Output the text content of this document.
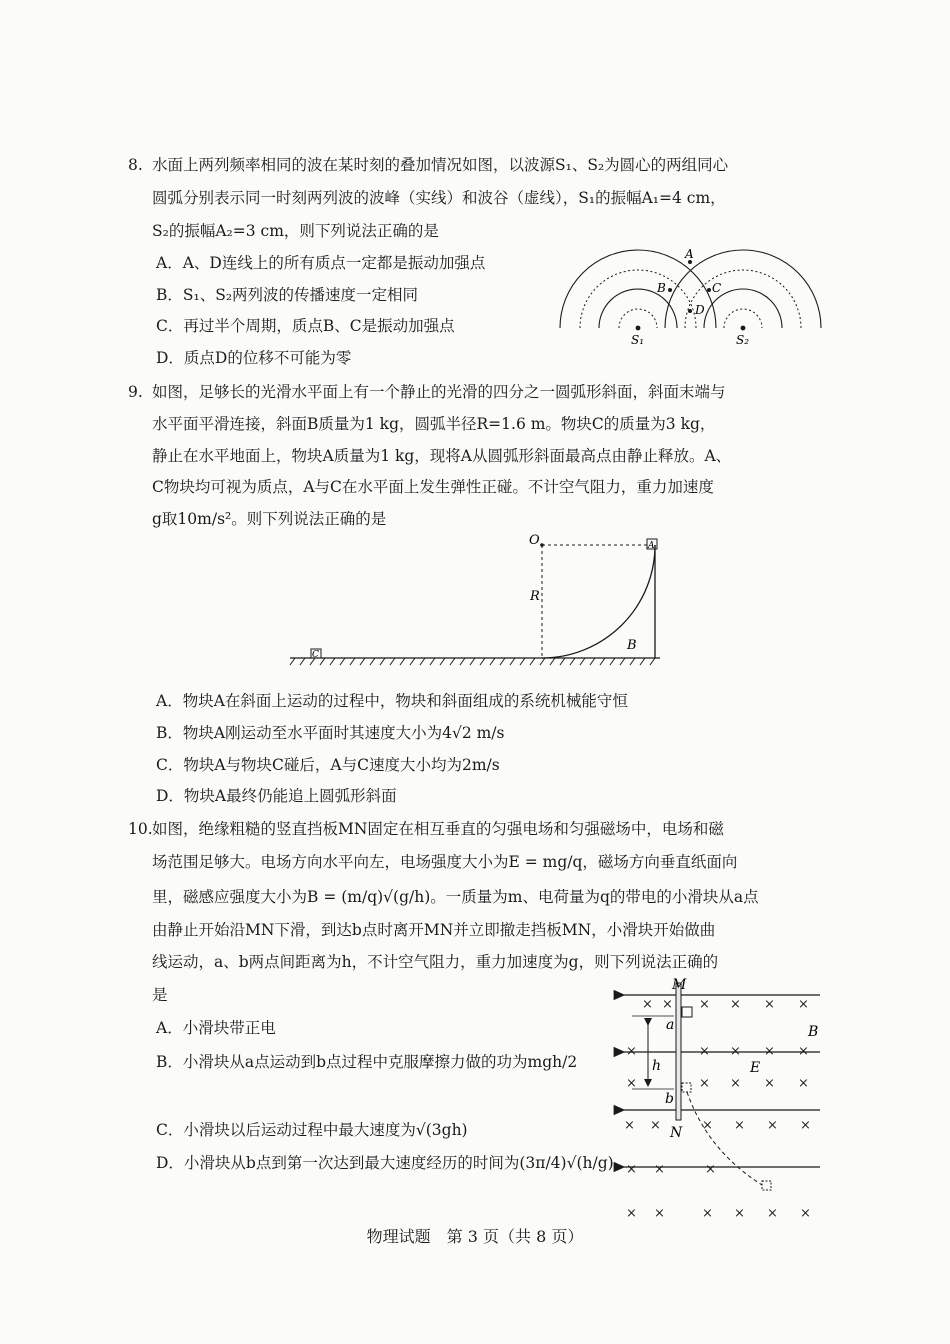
8. 水面上两列频率相同的波在某时刻的叠加情况如图，以波源S₁、S₂为圆心的两组同心
圆弧分别表示同一时刻两列波的波峰（实线）和波谷（虚线），S₁的振幅A₁=4 cm，
S₂的振幅A₂=3 cm，则下列说法正确的是
A．A、D连线上的所有质点一定都是振动加强点
B．S₁、S₂两列波的传播速度一定相同
C．再过半个周期，质点B、C是振动加强点
D．质点D的位移不可能为零
A
B	C
D
S₁	S₂
9. 如图，足够长的光滑水平面上有一个静止的光滑的四分之一圆弧形斜面，斜面末端与
水平面平滑连接，斜面B质量为1 kg，圆弧半径R=1.6 m。物块C的质量为3 kg，
静止在水平地面上，物块A质量为1 kg，现将A从圆弧形斜面最高点由静止释放。A、
C物块均可视为质点，A与C在水平面上发生弹性正碰。不计空气阻力，重力加速度
g取10m/s²。则下列说法正确的是
C
O
R
B
A
A．物块A在斜面上运动的过程中，物块和斜面组成的系统机械能守恒
B．物块A刚运动至水平面时其速度大小为4√2 m/s
C．物块A与物块C碰后，A与C速度大小均为2m/s
D．物块A最终仍能追上圆弧形斜面
10. 如图，绝缘粗糙的竖直挡板MN固定在相互垂直的匀强电场和匀强磁场中，电场和磁
场范围足够大。电场方向水平向左，电场强度大小为E = mg/q，磁场方向垂直纸面向
里，磁感应强度大小为B = (m/q)√(g/h)。一质量为m、电荷量为q的带电的小滑块从a点
由静止开始沿MN下滑，到达b点时离开MN并立即撤走挡板MN，小滑块开始做曲
线运动，a、b两点间距离为h，不计空气阻力，重力加速度为g，则下列说法正确的
是
A．小滑块带正电
B．小滑块从a点运动到b点过程中克服摩擦力做的功为mgh/2
C．小滑块以后运动过程中最大速度为√(3gh)
D．小滑块从b点到第一次达到最大速度经历的时间为(3π/4)√(h/g)
M
N
a
b
h
B
E
× × × × × ×
×	× × × ×
×	× × × ×
× ×	× × × ×
× ×	×
× ×	× × × ×
物理试题　第 3 页（共 8 页）
